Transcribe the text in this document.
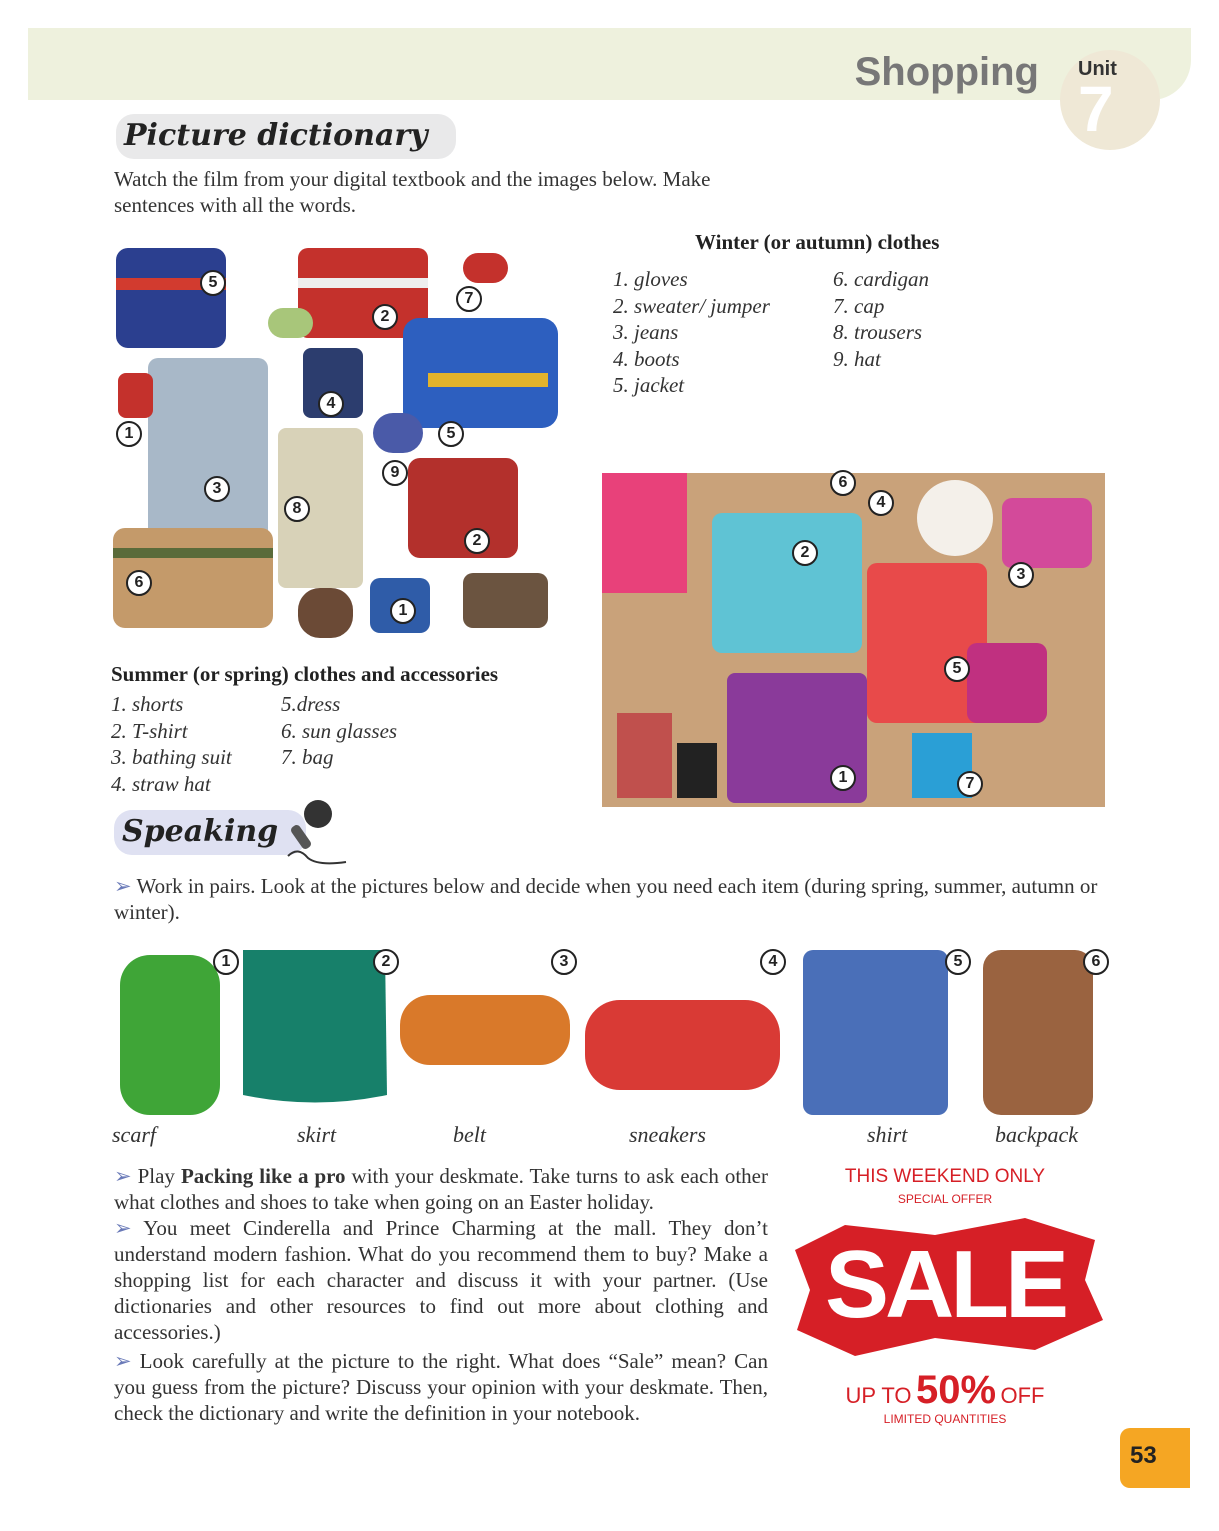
Shopping Unit
7
Picture dictionary
Watch the film from your digital textbook and the images below. Make sentences with all the words.
5
2
7
1
4
5
9
3
8
2
6
1
Winter (or autumn) clothes
1. gloves
2. sweater/ jumper
3. jeans
4. boots
5. jacket
6. cardigan
7. cap
8. trousers
9. hat
6
4
2
3
5
1	7
Summer (or spring) clothes and accessories
1. shorts
2. T-shirt
3. bathing suit
4. straw hat
5.dress
6. sun glasses
7. bag
Speaking
➢ Work in pairs. Look at the pictures below and decide when you need each item (during spring, summer, autumn or winter).
1	2	3	4	5	6
scarf	skirt	belt	sneakers	shirt	backpack
➢ Play Packing like a pro with your deskmate. Take turns to ask each other what clothes and shoes to take when going on an Easter holiday.
➢ You meet Cinderella and Prince Charming at the mall. They don’t understand modern fashion. What do you recommend them to buy? Make a shopping list for each character and discuss it with your partner. (Use dictionaries and other resources to find out more about clothing and accessories.)
➢ Look carefully at the picture to the right. What does “Sale” mean? Can you guess from the picture? Discuss your opinion with your deskmate. Then, check the dictionary and write the definition in your notebook.
THIS WEEKEND ONLY
SPECIAL OFFER
SALE
UP TO 50% OFF
LIMITED QUANTITIES
53
